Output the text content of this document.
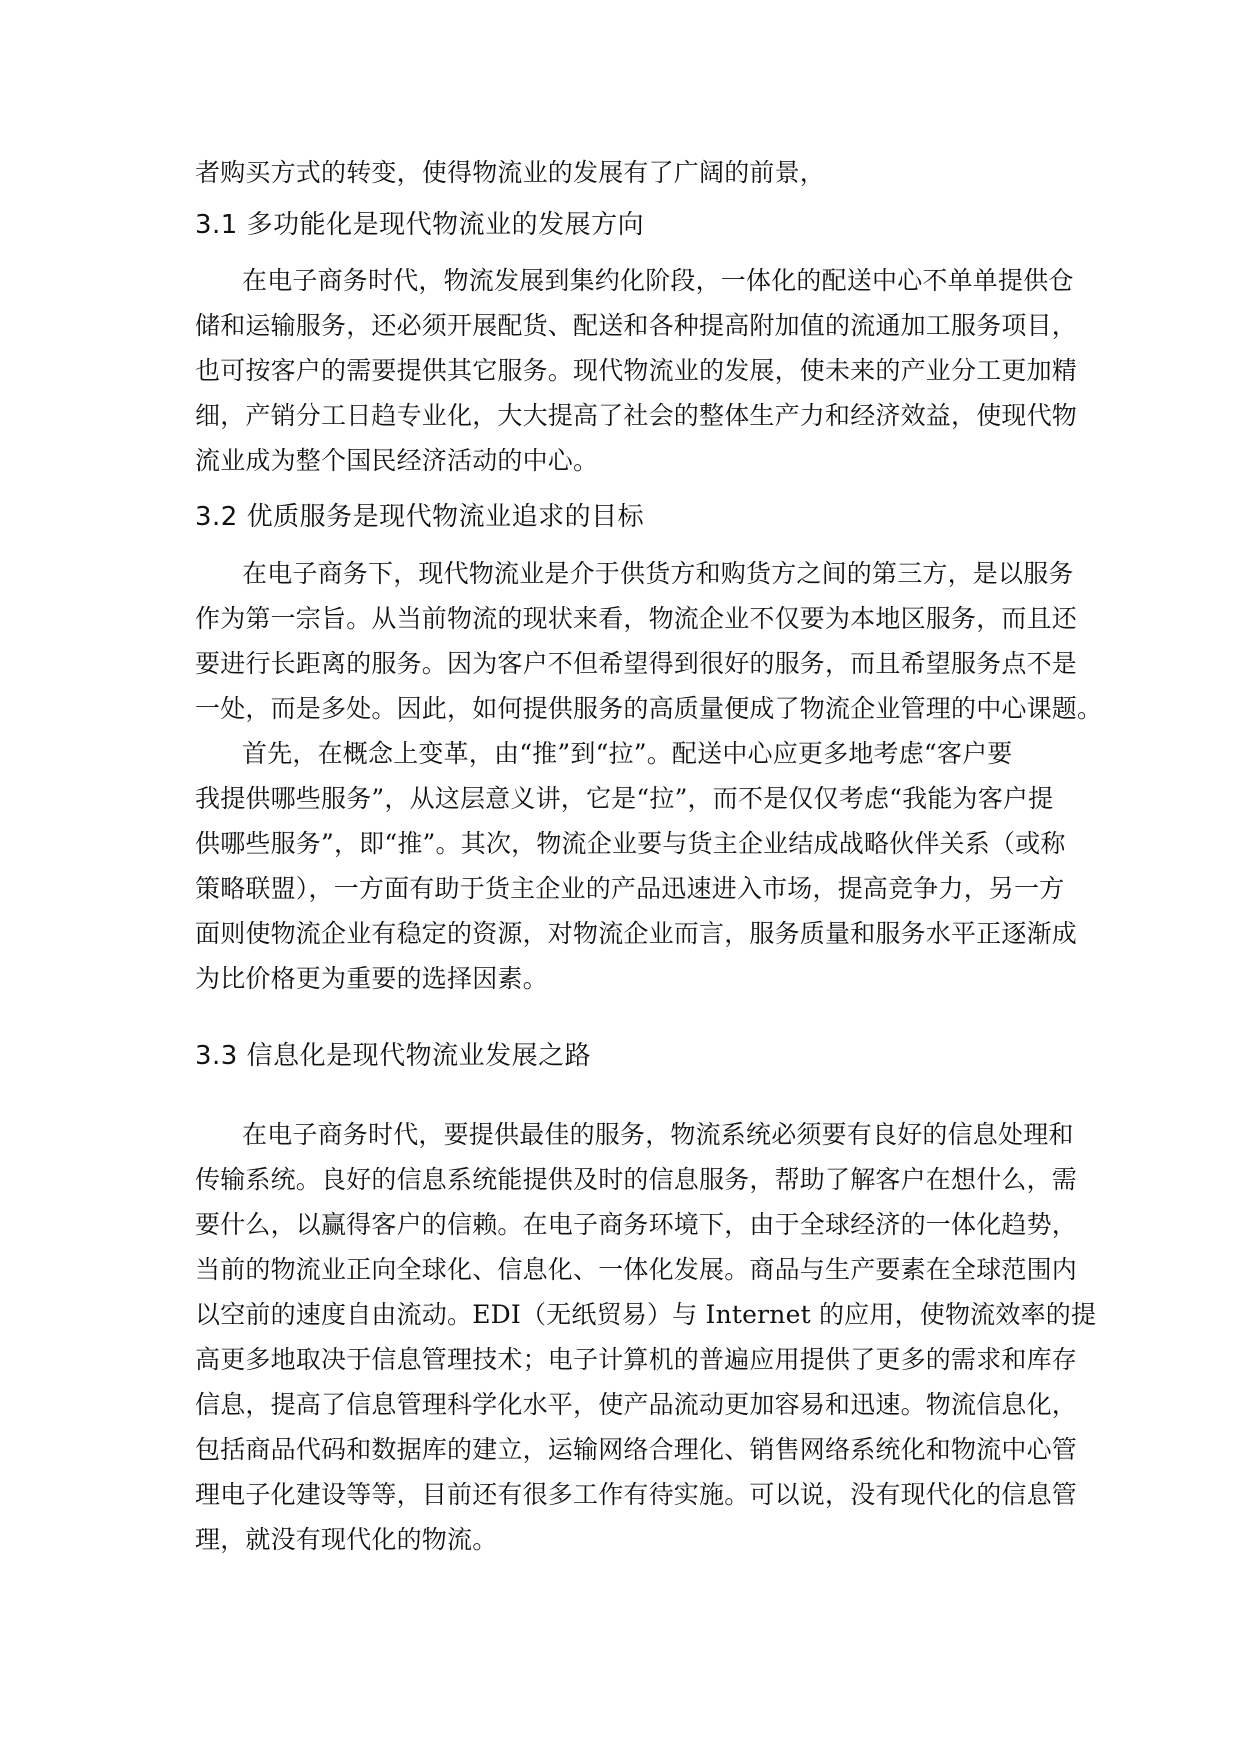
者购买方式的转变，使得物流业的发展有了广阔的前景，
3.1 多功能化是现代物流业的发展方向
在电子商务时代，物流发展到集约化阶段，一体化的配送中心不单单提供仓
储和运输服务，还必须开展配货、配送和各种提高附加值的流通加工服务项目，
也可按客户的需要提供其它服务。现代物流业的发展，使未来的产业分工更加精
细，产销分工日趋专业化，大大提高了社会的整体生产力和经济效益，使现代物
流业成为整个国民经济活动的中心。
3.2 优质服务是现代物流业追求的目标
在电子商务下，现代物流业是介于供货方和购货方之间的第三方，是以服务
作为第一宗旨。从当前物流的现状来看，物流企业不仅要为本地区服务，而且还
要进行长距离的服务。因为客户不但希望得到很好的服务，而且希望服务点不是
一处，而是多处。因此，如何提供服务的高质量便成了物流企业管理的中心课题。
首先，在概念上变革，由“推”到“拉”。配送中心应更多地考虑“客户要
我提供哪些服务”，从这层意义讲，它是“拉”，而不是仅仅考虑“我能为客户提
供哪些服务”，即“推”。其次，物流企业要与货主企业结成战略伙伴关系（或称
策略联盟），一方面有助于货主企业的产品迅速进入市场，提高竞争力，另一方
面则使物流企业有稳定的资源，对物流企业而言，服务质量和服务水平正逐渐成
为比价格更为重要的选择因素。
3.3 信息化是现代物流业发展之路
在电子商务时代，要提供最佳的服务，物流系统必须要有良好的信息处理和
传输系统。良好的信息系统能提供及时的信息服务，帮助了解客户在想什么，需
要什么，以赢得客户的信赖。在电子商务环境下，由于全球经济的一体化趋势，
当前的物流业正向全球化、信息化、一体化发展。商品与生产要素在全球范围内
以空前的速度自由流动。EDI（无纸贸易）与 Internet 的应用，使物流效率的提
高更多地取决于信息管理技术；电子计算机的普遍应用提供了更多的需求和库存
信息，提高了信息管理科学化水平，使产品流动更加容易和迅速。物流信息化，
包括商品代码和数据库的建立，运输网络合理化、销售网络系统化和物流中心管
理电子化建设等等，目前还有很多工作有待实施。可以说，没有现代化的信息管
理，就没有现代化的物流。
